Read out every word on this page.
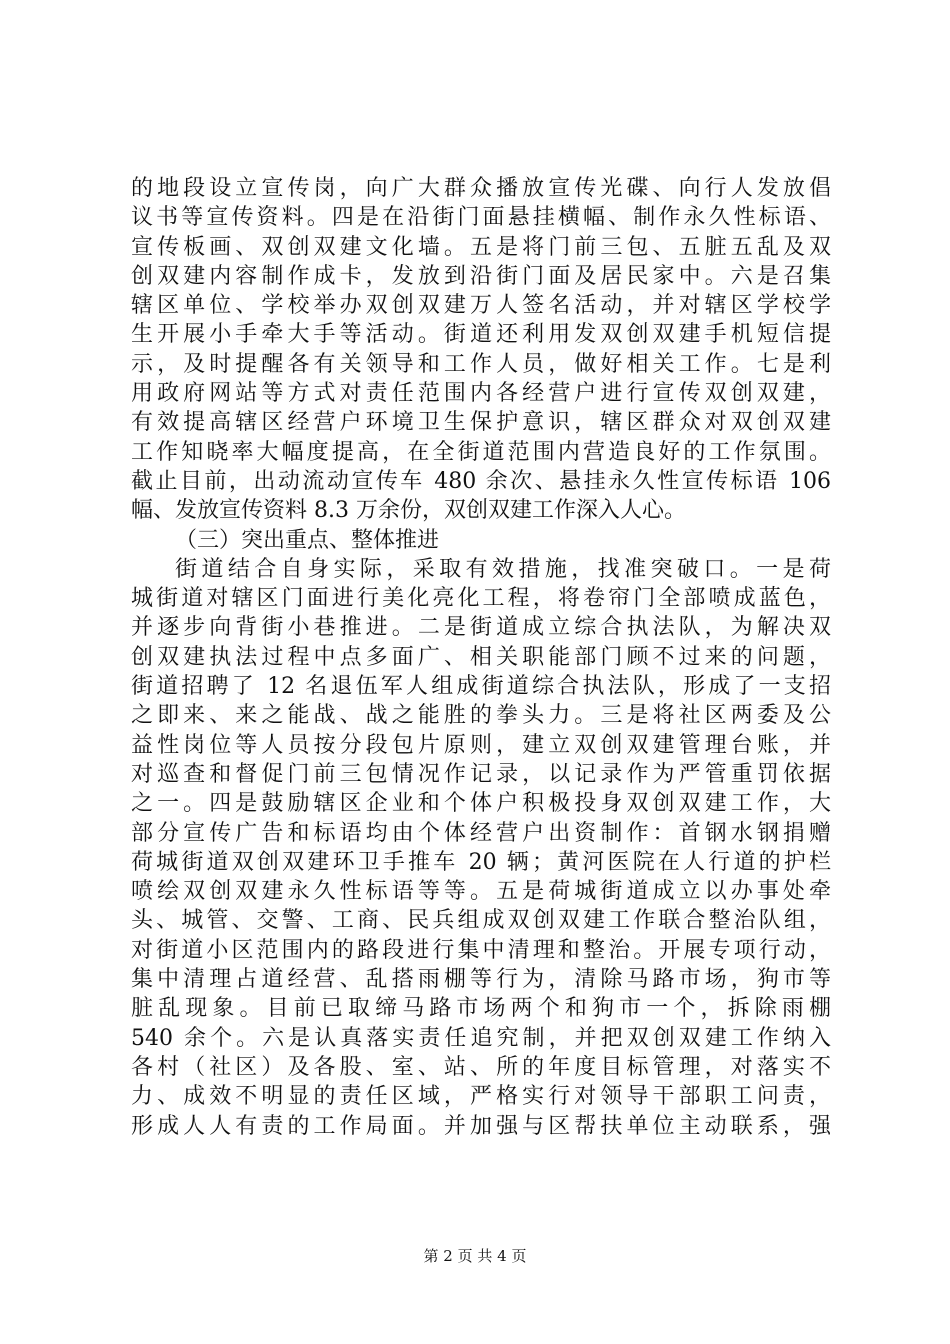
的地段设立宣传岗，向广大群众播放宣传光碟、向行人发放倡
议书等宣传资料。四是在沿街门面悬挂横幅、制作永久性标语、
宣传板画、双创双建文化墙。五是将门前三包、五脏五乱及双
创双建内容制作成卡，发放到沿街门面及居民家中。六是召集
辖区单位、学校举办双创双建万人签名活动，并对辖区学校学
生开展小手牵大手等活动。街道还利用发双创双建手机短信提
示，及时提醒各有关领导和工作人员，做好相关工作。七是利
用政府网站等方式对责任范围内各经营户进行宣传双创双建，
有效提高辖区经营户环境卫生保护意识，辖区群众对双创双建
工作知晓率大幅度提高，在全街道范围内营造良好的工作氛围。
截止目前，出动流动宣传车 480 余次、悬挂永久性宣传标语 106
幅、发放宣传资料 8.3 万余份，双创双建工作深入人心。
（三）突出重点、整体推进
街道结合自身实际，采取有效措施，找准突破口。一是荷
城街道对辖区门面进行美化亮化工程，将卷帘门全部喷成蓝色，
并逐步向背街小巷推进。二是街道成立综合执法队，为解决双
创双建执法过程中点多面广、相关职能部门顾不过来的问题，
街道招聘了 12 名退伍军人组成街道综合执法队，形成了一支招
之即来、来之能战、战之能胜的拳头力。三是将社区两委及公
益性岗位等人员按分段包片原则，建立双创双建管理台账，并
对巡查和督促门前三包情况作记录，以记录作为严管重罚依据
之一。四是鼓励辖区企业和个体户积极投身双创双建工作，大
部分宣传广告和标语均由个体经营户出资制作：首钢水钢捐赠
荷城街道双创双建环卫手推车 20 辆；黄河医院在人行道的护栏
喷绘双创双建永久性标语等等。五是荷城街道成立以办事处牵
头、城管、交警、工商、民兵组成双创双建工作联合整治队组，
对街道小区范围内的路段进行集中清理和整治。开展专项行动，
集中清理占道经营、乱搭雨棚等行为，清除马路市场，狗市等
脏乱现象。目前已取缔马路市场两个和狗市一个，拆除雨棚
540 余个。六是认真落实责任追究制，并把双创双建工作纳入
各村（社区）及各股、室、站、所的年度目标管理，对落实不
力、成效不明显的责任区域，严格实行对领导干部职工问责，
形成人人有责的工作局面。并加强与区帮扶单位主动联系，强
第 2 页 共 4 页
